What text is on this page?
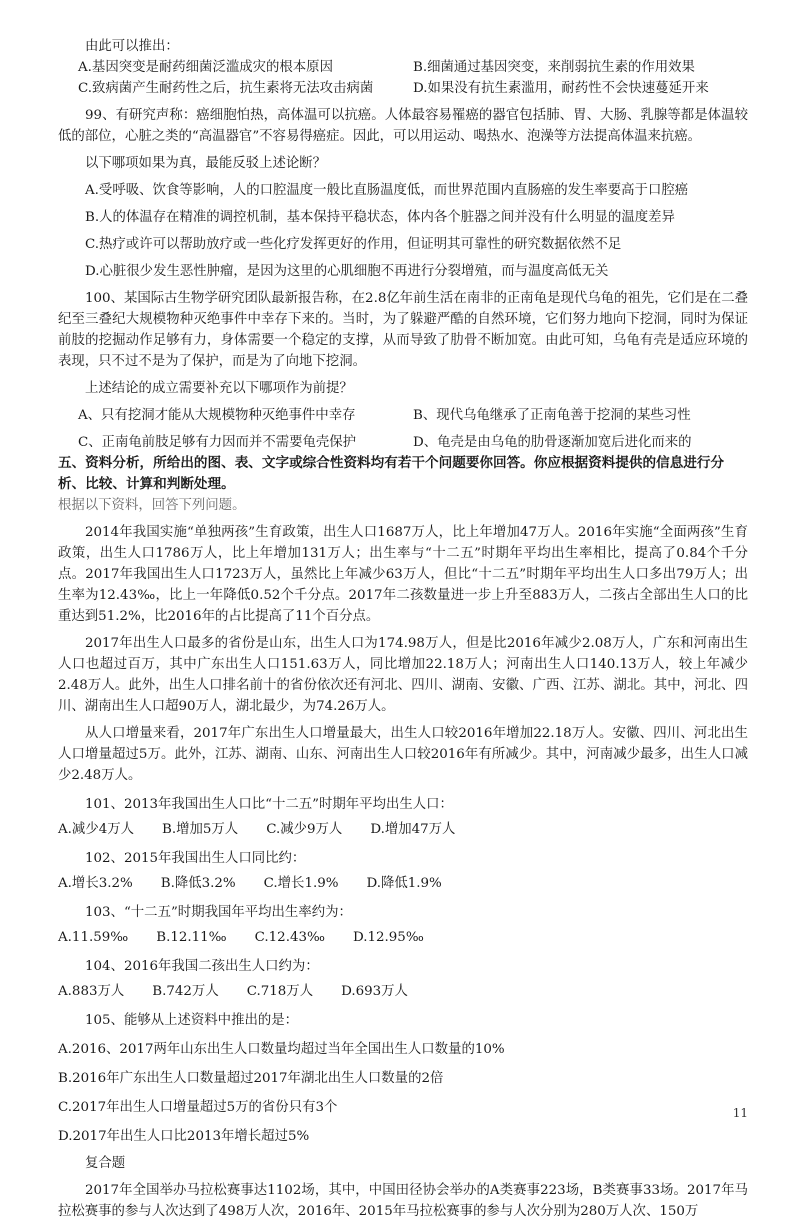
由此可以推出：

A.基因突变是耐药细菌泛滥成灾的根本原因	B.细菌通过基因突变，来削弱抗生素的作用效果
C.致病菌产生耐药性之后，抗生素将无法攻击病菌	D.如果没有抗生素滥用，耐药性不会快速蔓延开来

99、有研究声称：癌细胞怕热，高体温可以抗癌。人体最容易罹癌的器官包括肺、胃、大肠、乳腺等都是体温较低的部位，心脏之类的“高温器官”不容易得癌症。因此，可以用运动、喝热水、泡澡等方法提高体温来抗癌。

以下哪项如果为真，最能反驳上述论断？

A.受呼吸、饮食等影响，人的口腔温度一般比直肠温度低，而世界范围内直肠癌的发生率要高于口腔癌

B.人的体温存在精准的调控机制，基本保持平稳状态，体内各个脏器之间并没有什么明显的温度差异

C.热疗或许可以帮助放疗或一些化疗发挥更好的作用，但证明其可靠性的研究数据依然不足

D.心脏很少发生恶性肿瘤，是因为这里的心肌细胞不再进行分裂增殖，而与温度高低无关

100、某国际古生物学研究团队最新报告称，在2.8亿年前生活在南非的正南龟是现代乌龟的祖先，它们是在二叠纪至三叠纪大规模物种灭绝事件中幸存下来的。当时，为了躲避严酷的自然环境，它们努力地向下挖洞，同时为保证前肢的挖掘动作足够有力，身体需要一个稳定的支撑，从而导致了肋骨不断加宽。由此可知，乌龟有壳是适应环境的表现，只不过不是为了保护，而是为了向地下挖洞。

上述结论的成立需要补充以下哪项作为前提？

A、只有挖洞才能从大规模物种灭绝事件中幸存	B、现代乌龟继承了正南龟善于挖洞的某些习性
C、正南龟前肢足够有力因而并不需要龟壳保护	D、龟壳是由乌龟的肋骨逐渐加宽后进化而来的

五、资料分析，所给出的图、表、文字或综合性资料均有若干个问题要你回答。你应根据资料提供的信息进行分析、比较、计算和判断处理。

根据以下资料，回答下列问题。

2014年我国实施“单独两孩”生育政策，出生人口1687万人，比上年增加47万人。2016年实施“全面两孩”生育政策，出生人口1786万人，比上年增加131万人；出生率与“十二五”时期年平均出生率相比，提高了0.84个千分点。2017年我国出生人口1723万人，虽然比上年减少63万人，但比“十二五”时期年平均出生人口多出79万人；出生率为12.43‰，比上一年降低0.52个千分点。2017年二孩数量进一步上升至883万人，二孩占全部出生人口的比重达到51.2%，比2016年的占比提高了11个百分点。

2017年出生人口最多的省份是山东，出生人口为174.98万人，但是比2016年减少2.08万人，广东和河南出生人口也超过百万，其中广东出生人口151.63万人，同比增加22.18万人；河南出生人口140.13万人，较上年减少2.48万人。此外，出生人口排名前十的省份依次还有河北、四川、湖南、安徽、广西、江苏、湖北。其中，河北、四川、湖南出生人口超90万人，湖北最少，为74.26万人。

从人口增量来看，2017年广东出生人口增量最大，出生人口较2016年增加22.18万人。安徽、四川、河北出生人口增量超过5万。此外，江苏、湖南、山东、河南出生人口较2016年有所减少。其中，河南减少最多，出生人口减少2.48万人。

101、2013年我国出生人口比“十二五”时期年平均出生人口：

A.减少4万人 B.增加5万人 C.减少9万人 D.增加47万人

102、2015年我国出生人口同比约：

A.增长3.2% B.降低3.2% C.增长1.9% D.降低1.9%

103、“十二五”时期我国年平均出生率约为：

A.11.59‰ B.12.11‰ C.12.43‰ D.12.95‰

104、2016年我国二孩出生人口约为：

A.883万人 B.742万人 C.718万人 D.693万人

105、能够从上述资料中推出的是：

A.2016、2017两年山东出生人口数量均超过当年全国出生人口数量的10%

B.2016年广东出生人口数量超过2017年湖北出生人口数量的2倍

C.2017年出生人口增量超过5万的省份只有3个

D.2017年出生人口比2013年增长超过5%

复合题

2017年全国举办马拉松赛事达1102场，其中，中国田径协会举办的A类赛事223场，B类赛事33场。2017年马拉松赛事的参与人次达到了498万人次，2016年、2015年马拉松赛事的参与人次分别为280万人次、150万

11
